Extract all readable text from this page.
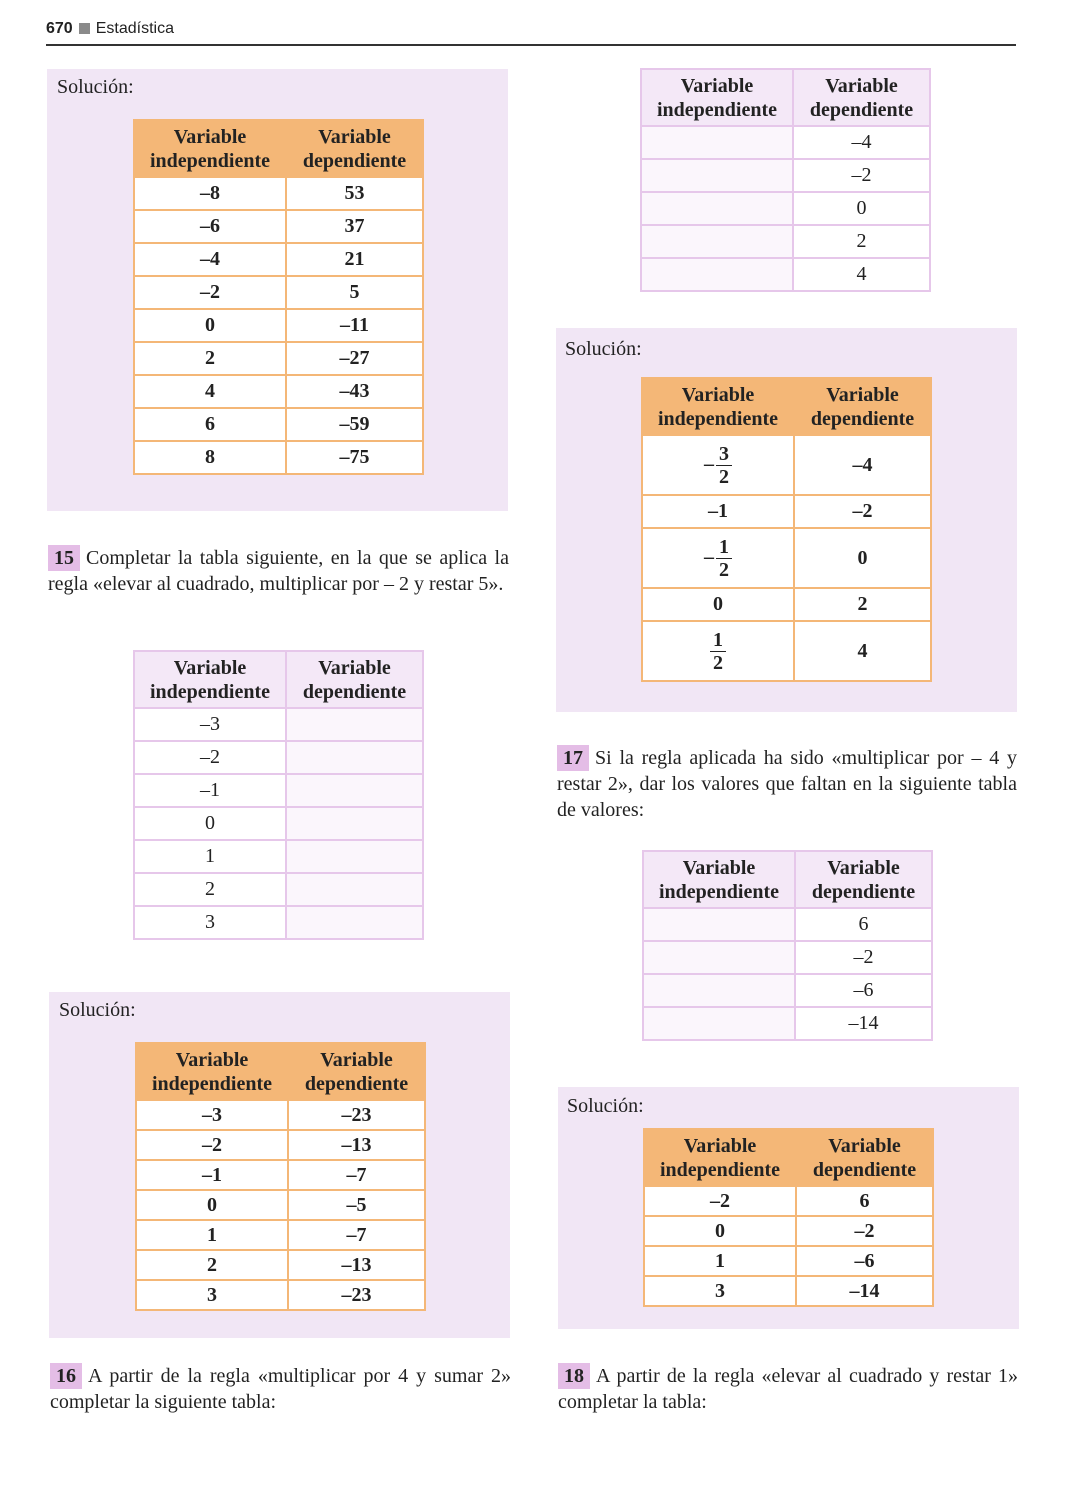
670 Estadística
Solución:
Variable
independiente	Variable
dependiente
–8	53
–6	37
–4	21
–2	5
0	–11
2	–27
4	–43
6	–59
8	–75
15 Completar la tabla siguiente, en la que se aplica la regla «elevar al cuadrado, multiplicar por – 2 y restar 5».
Variable
independiente	Variable
dependiente
–3	
–2	
–1	
0	
1	
2	
3	
Solución:
Variable
independiente	Variable
dependiente
–3	–23
–2	–13
–1	–7
0	–5
1	–7
2	–13
3	–23
16 A partir de la regla «multiplicar por 4 y sumar 2» completar la siguiente tabla:
Variable
independiente	Variable
dependiente
	–4
	–2
	0
	2
	4
Solución:
Variable
independiente	Variable
dependiente
– $\frac{3}{2}$	–4
–1	–2
– $\frac{1}{2}$	0
0	2

$\frac{1}{2}$	4
17 Si la regla aplicada ha sido «multiplicar por – 4 y restar 2», dar los valores que faltan en la siguiente tabla de valores:
Variable
independiente	Variable
dependiente
	6
	–2
	–6
	–14
Solución:
Variable
independiente	Variable
dependiente
–2	6
0	–2
1	–6
3	–14
18 A partir de la regla «elevar al cuadrado y restar 1» completar la tabla:
